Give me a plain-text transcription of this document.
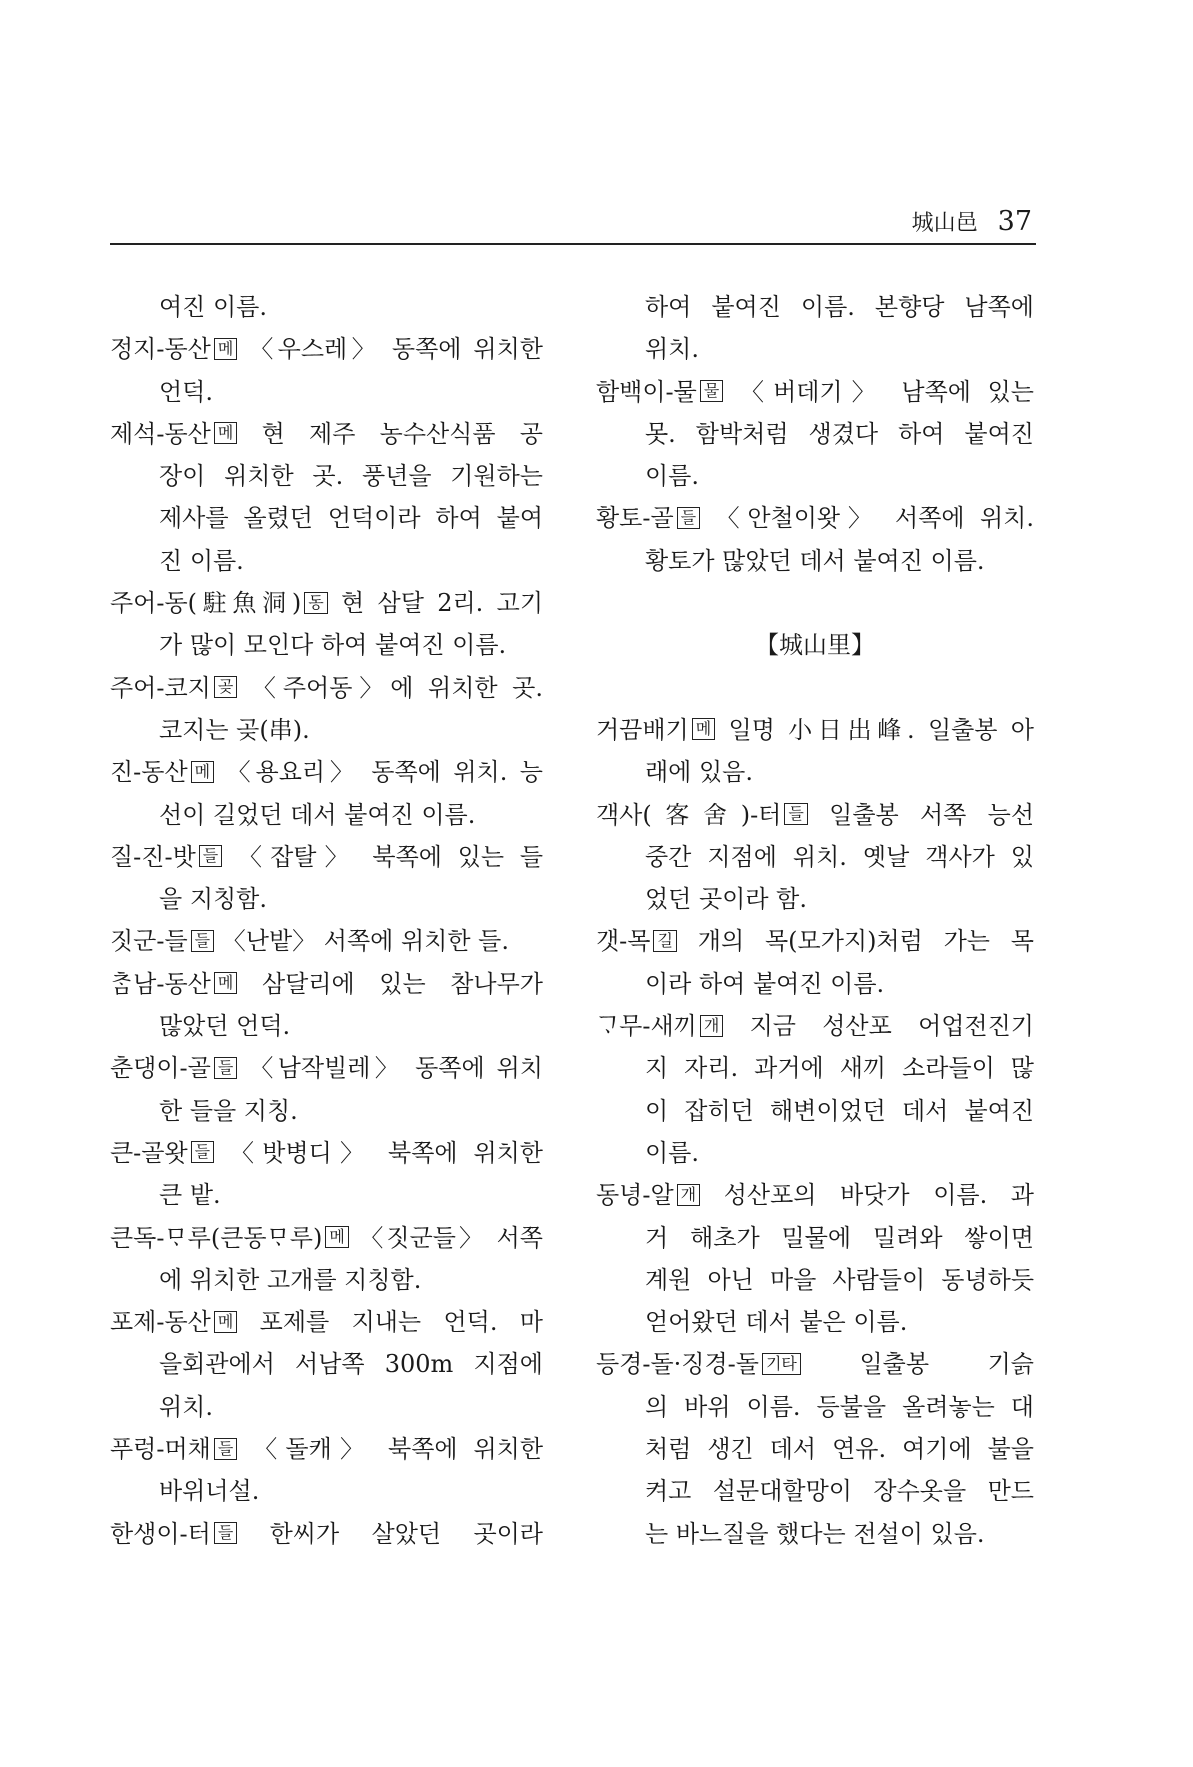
城山邑 37
여진 이름.
정지-동산 메 〈우스레〉 동쪽에 위치한
언덕.
제석-동산 메 현 제주 농수산식품 공
장이 위치한 곳. 풍년을 기원하는
제사를 올렸던 언덕이라 하여 붙여
진 이름.
주어-동(駐魚洞) 동 현 삼달 2리. 고기
가 많이 모인다 하여 붙여진 이름.
주어-코지 곶 〈주어동〉에 위치한 곳.
코지는 곶(串).
진-동산 메 〈용요리〉 동쪽에 위치. 능
선이 길었던 데서 붙여진 이름.
질-진-밧 들 〈잡탈〉 북쪽에 있는 들
을 지칭함.
짓군-들 들 〈난밭〉 서쪽에 위치한 들.
ᄎᆞᆷ남-동산 메 삼달리에 있는 참나무가
많았던 언덕.
춘댕이-골 들 〈남작빌레〉 동쪽에 위치
한 들을 지칭.
큰-골왓 들 〈밧병디〉 북쪽에 위치한
큰 밭.
큰독-ᄆᆞ루(큰동ᄆᆞ루) 메 〈짓군들〉 서쪽
에 위치한 고개를 지칭함.
포제-동산 메 포제를 지내는 언덕. 마
을회관에서 서남쪽 300m 지점에
위치.
푸렁-머채 들 〈돌캐〉 북쪽에 위치한
바위너설.
한생이-터 들 한씨가 살았던 곳이라
하여 붙여진 이름. 본향당 남쪽에
위치.
함백이-물 물 〈버데기〉 남쪽에 있는
못. 함박처럼 생겼다 하여 붙여진
이름.
황토-골 들 〈안철이왓〉 서쪽에 위치.
황토가 많았던 데서 붙여진 이름.
【城山里】
거끔배기 메 일명 小日出峰. 일출봉 아
래에 있음.
객사(客舍)-터 들 일출봉 서쪽 능선
중간 지점에 위치. 옛날 객사가 있
었던 곳이라 함.
갯-목 길 개의 목(모가지)처럼 가는 목
이라 하여 붙여진 이름.
ᄀᆞ무-새끼 개 지금 성산포 어업전진기
지 자리. 과거에 새끼 소라들이 많
이 잡히던 해변이었던 데서 붙여진
이름.
동녕-알 개 성산포의 바닷가 이름. 과
거 해초가 밀물에 밀려와 쌓이면
계원 아닌 마을 사람들이 동녕하듯
얻어왔던 데서 붙은 이름.
등경-돌·징경-돌 기타	일출봉 기슭
의 바위 이름. 등불을 올려놓는 대
처럼 생긴 데서 연유. 여기에 불을
켜고 설문대할망이 장수옷을 만드
는 바느질을 했다는 전설이 있음.
